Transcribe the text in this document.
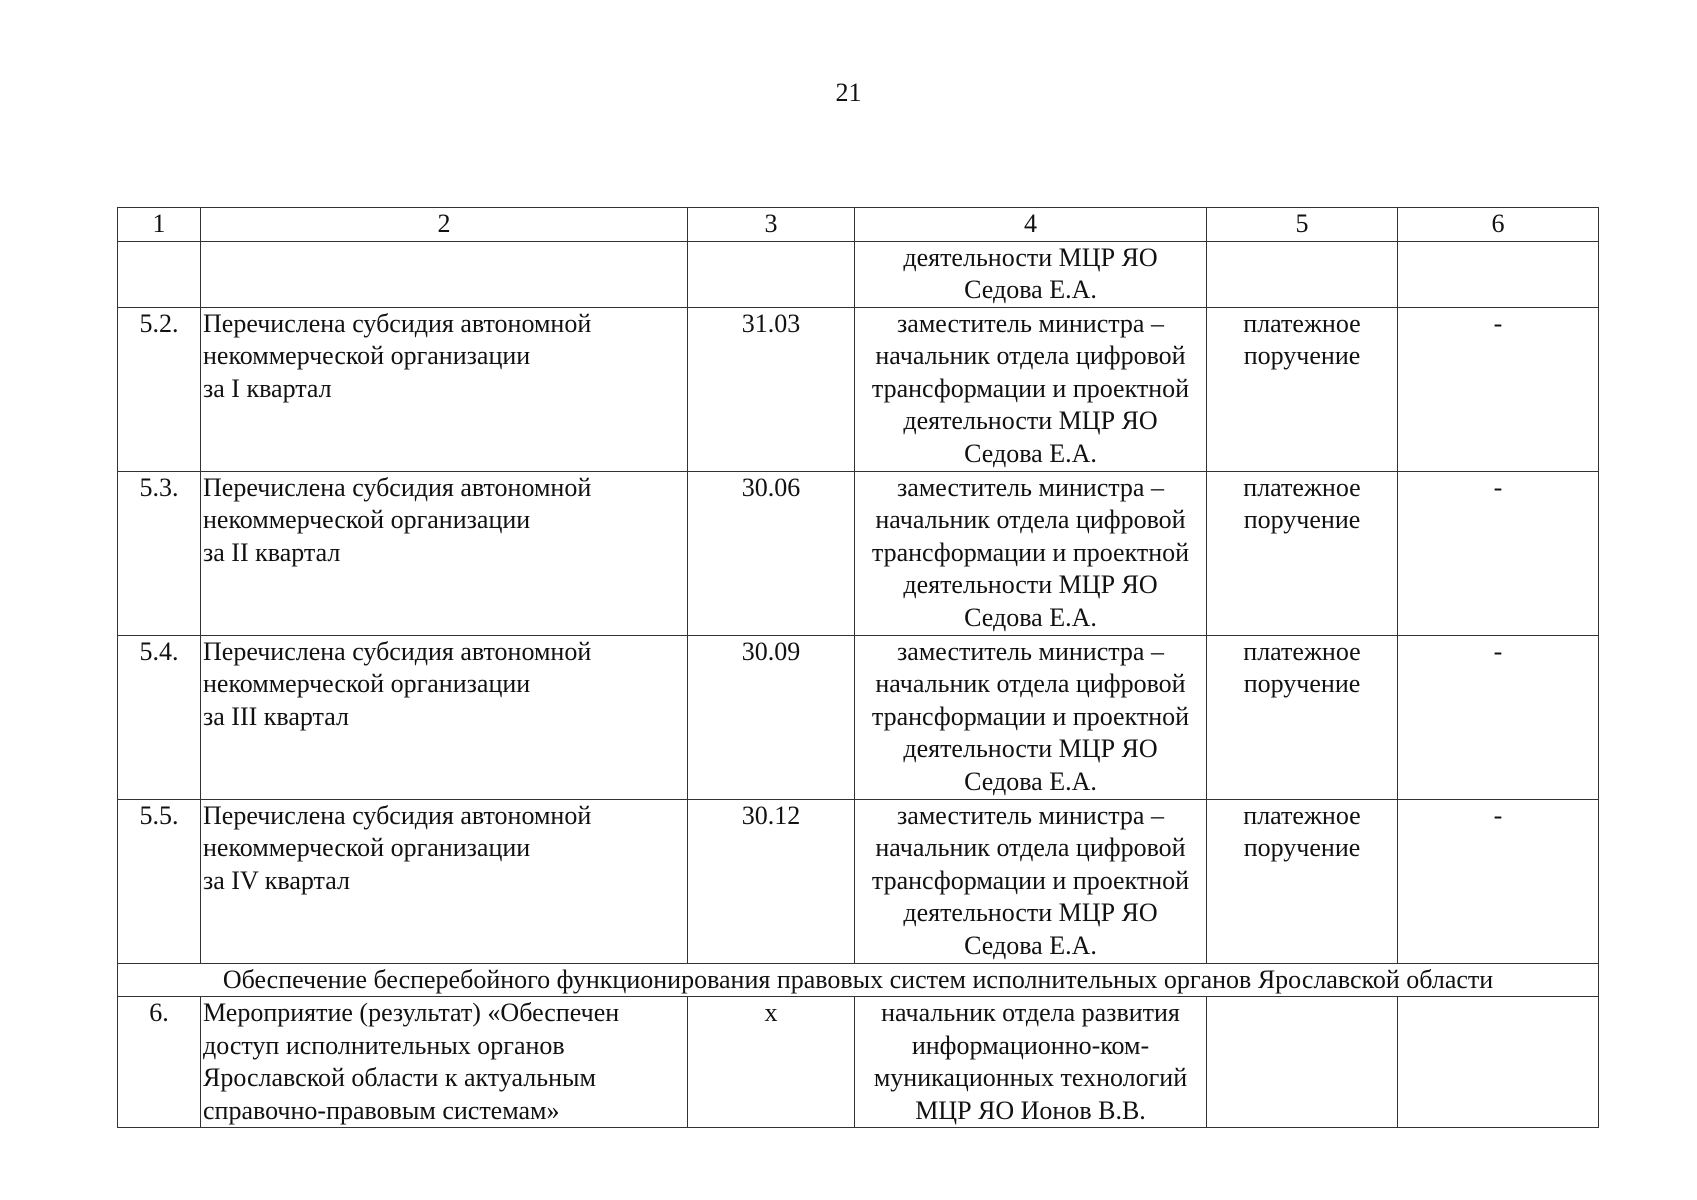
21
1	2	3	4	5	6

			деятельности МЦР ЯО
Седова Е.А.		

5.2.	Перечислена субсидия автономной
некоммерческой организации
за I квартал	31.03	заместитель министра –
начальник отдела цифровой
трансформации и проектной
деятельности МЦР ЯО
Седова Е.А.	платежное
поручение	-
5.3.	Перечислена субсидия автономной
некоммерческой организации
за II квартал	30.06	заместитель министра –
начальник отдела цифровой
трансформации и проектной
деятельности МЦР ЯО
Седова Е.А.	платежное
поручение	-
5.4.	Перечислена субсидия автономной
некоммерческой организации
за III квартал	30.09	заместитель министра –
начальник отдела цифровой
трансформации и проектной
деятельности МЦР ЯО
Седова Е.А.	платежное
поручение	-
5.5.	Перечислена субсидия автономной
некоммерческой организации
за IV квартал	30.12	заместитель министра –
начальник отдела цифровой
трансформации и проектной
деятельности МЦР ЯО
Седова Е.А.	платежное
поручение	-
Обеспечение бесперебойного функционирования правовых систем исполнительных органов Ярославской области					
6.	Мероприятие (результат) «Обеспечен
доступ исполнительных органов
Ярославской области к актуальным
справочно-правовым системам»	х	начальник отдела развития
информационно-ком-
муникационных технологий
МЦР ЯО Ионов В.В.		
